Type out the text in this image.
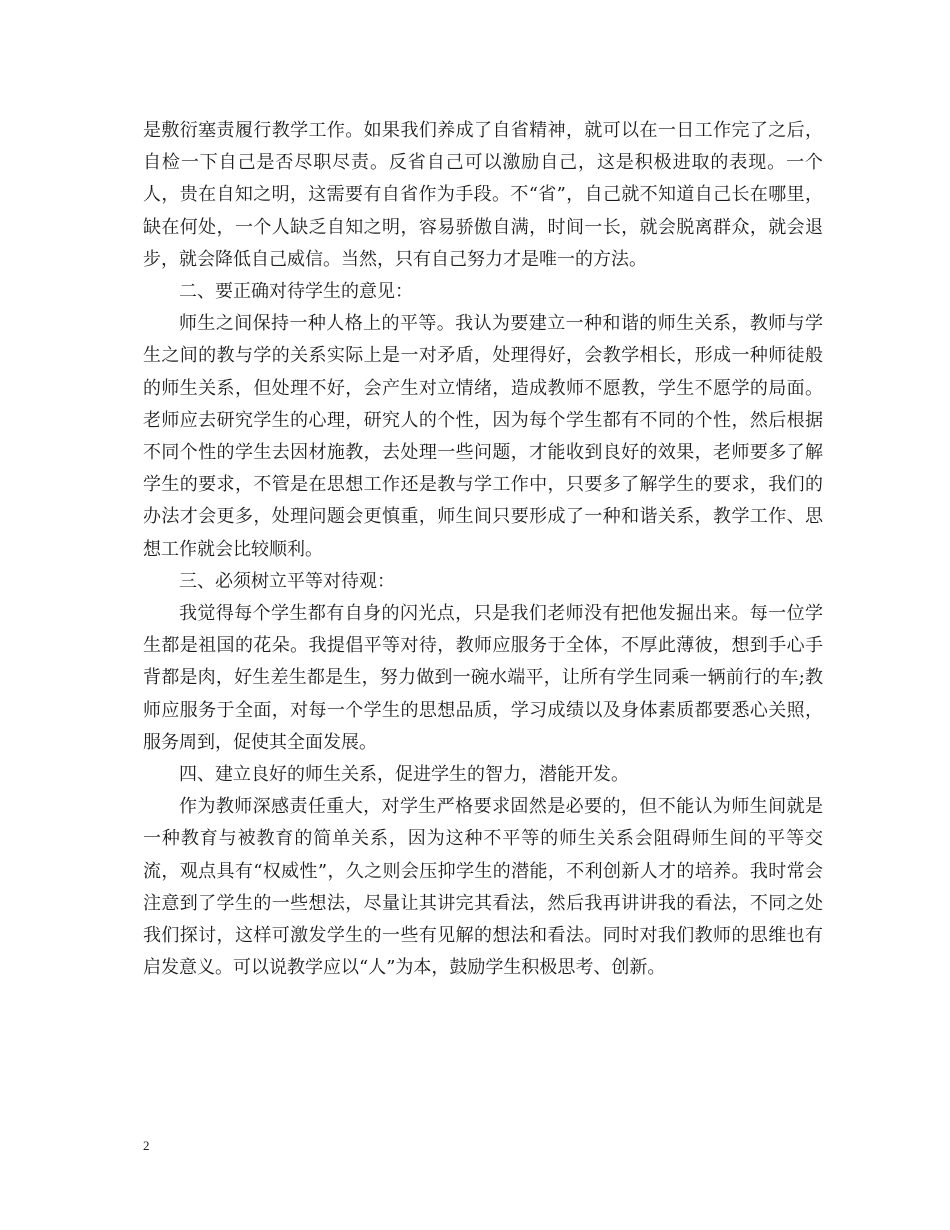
是敷衍塞责履行教学工作。如果我们养成了自省精神，就可以在一日工作完了之后，自检一下自己是否尽职尽责。反省自己可以激励自己，这是积极进取的表现。一个人，贵在自知之明，这需要有自省作为手段。不“省”，自己就不知道自己长在哪里，缺在何处，一个人缺乏自知之明，容易骄傲自满，时间一长，就会脱离群众，就会退步，就会降低自己威信。当然，只有自己努力才是唯一的方法。

二、要正确对待学生的意见：

师生之间保持一种人格上的平等。我认为要建立一种和谐的师生关系，教师与学生之间的教与学的关系实际上是一对矛盾，处理得好，会教学相长，形成一种师徒般的师生关系，但处理不好，会产生对立情绪，造成教师不愿教，学生不愿学的局面。老师应去研究学生的心理，研究人的个性，因为每个学生都有不同的个性，然后根据不同个性的学生去因材施教，去处理一些问题，才能收到良好的效果，老师要多了解学生的要求，不管是在思想工作还是教与学工作中，只要多了解学生的要求，我们的办法才会更多，处理问题会更慎重，师生间只要形成了一种和谐关系，教学工作、思想工作就会比较顺利。

三、必须树立平等对待观：

我觉得每个学生都有自身的闪光点，只是我们老师没有把他发掘出来。每一位学生都是祖国的花朵。我提倡平等对待，教师应服务于全体，不厚此薄彼，想到手心手背都是肉，好生差生都是生，努力做到一碗水端平，让所有学生同乘一辆前行的车;教师应服务于全面，对每一个学生的思想品质，学习成绩以及身体素质都要悉心关照，服务周到，促使其全面发展。

四、建立良好的师生关系，促进学生的智力，潜能开发。

作为教师深感责任重大，对学生严格要求固然是必要的，但不能认为师生间就是一种教育与被教育的简单关系，因为这种不平等的师生关系会阻碍师生间的平等交流，观点具有“权威性”，久之则会压抑学生的潜能，不利创新人才的培养。我时常会注意到了学生的一些想法，尽量让其讲完其看法，然后我再讲讲我的看法，不同之处我们探讨，这样可激发学生的一些有见解的想法和看法。同时对我们教师的思维也有启发意义。可以说教学应以“人”为本，鼓励学生积极思考、创新。

2
